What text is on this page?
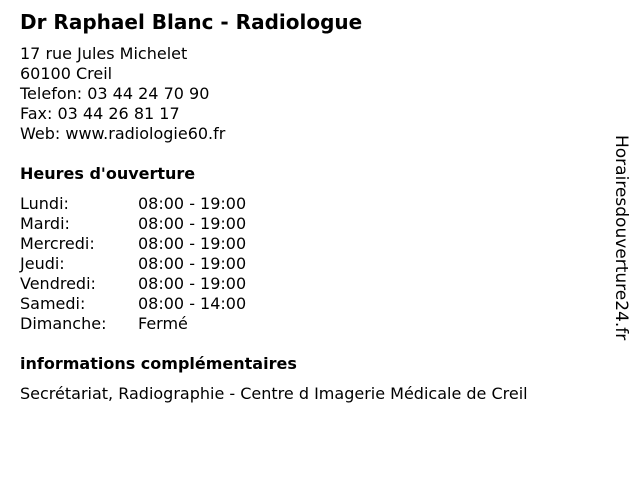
Dr Raphael Blanc - Radiologue
17 rue Jules Michelet
60100 Creil
Telefon: 03 44 24 70 90
Fax: 03 44 26 81 17
Web: www.radiologie60.fr
Heures d'ouverture
Lundi:	08:00 - 19:00
Mardi:	08:00 - 19:00
Mercredi:	08:00 - 19:00
Jeudi:	08:00 - 19:00
Vendredi:	08:00 - 19:00
Samedi:	08:00 - 14:00
Dimanche:	Fermé
informations complémentaires
Secrétariat, Radiographie - Centre d Imagerie Médicale de Creil
Horairesdouverture24.fr
